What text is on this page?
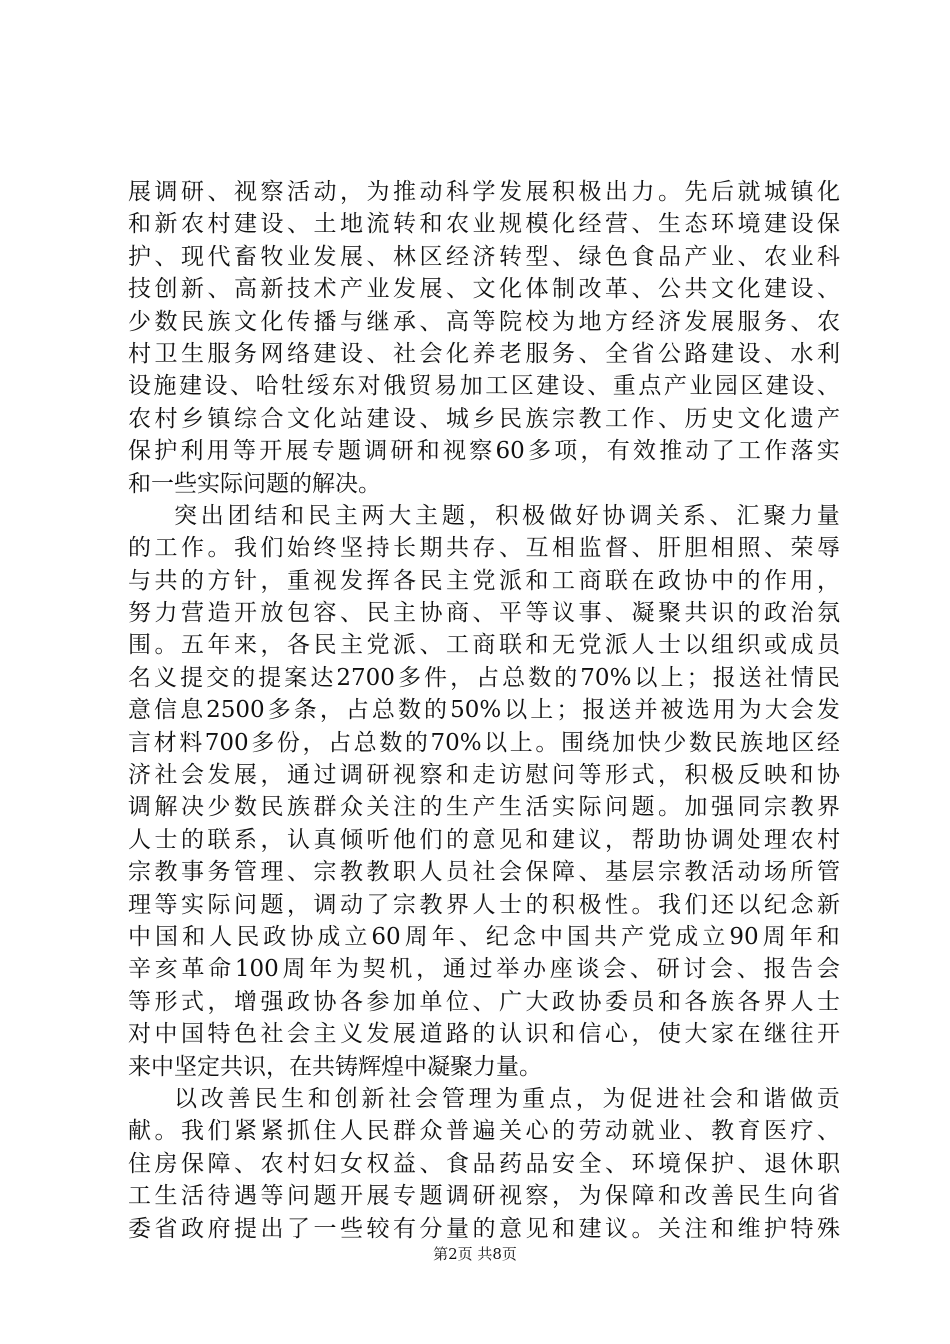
展 调 研 、 视 察 活 动 ， 为 推 动 科 学 发 展 积 极 出 力 。 先 后 就 城 镇 化
和 新 农 村 建 设 、 土 地 流 转 和 农 业 规 模 化 经 营 、 生 态 环 境 建 设 保
护 、 现 代 畜 牧 业 发 展 、 林 区 经 济 转 型 、 绿 色 食 品 产 业 、 农 业 科
技 创 新 、 高 新 技 术 产 业 发 展 、 文 化 体 制 改 革 、 公 共 文 化 建 设 、
少 数 民 族 文 化 传 播 与 继 承 、 高 等 院 校 为 地 方 经 济 发 展 服 务 、 农
村 卫 生 服 务 网 络 建 设 、 社 会 化 养 老 服 务 、 全 省 公 路 建 设 、 水 利
设 施 建 设 、 哈 牡 绥 东 对 俄 贸 易 加 工 区 建 设 、 重 点 产 业 园 区 建 设 、
农 村 乡 镇 综 合 文 化 站 建 设 、 城 乡 民 族 宗 教 工 作 、 历 史 文 化 遗 产
保 护 利 用 等 开 展 专 题 调 研 和 视 察 60 多 项 ， 有 效 推 动 了 工 作 落 实
和一些实际问题的解决。
突 出 团 结 和 民 主 两 大 主 题 ， 积 极 做 好 协 调 关 系 、 汇 聚 力 量
的 工 作 。 我 们 始 终 坚 持 长 期 共 存 、 互 相 监 督 、 肝 胆 相 照 、 荣 辱
与 共 的 方 针 ， 重 视 发 挥 各 民 主 党 派 和 工 商 联 在 政 协 中 的 作 用 ，
努 力 营 造 开 放 包 容 、 民 主 协 商 、 平 等 议 事 、 凝 聚 共 识 的 政 治 氛
围 。 五 年 来 ， 各 民 主 党 派 、 工 商 联 和 无 党 派 人 士 以 组 织 或 成 员
名 义 提 交 的 提 案 达 2700 多 件 ， 占 总 数 的 70% 以 上 ； 报 送 社 情 民
意 信 息 2500 多 条 ， 占 总 数 的 50% 以 上 ； 报 送 并 被 选 用 为 大 会 发
言 材 料 700 多 份 ， 占 总 数 的 70% 以 上 。 围 绕 加 快 少 数 民 族 地 区 经
济 社 会 发 展 ， 通 过 调 研 视 察 和 走 访 慰 问 等 形 式 ， 积 极 反 映 和 协
调 解 决 少 数 民 族 群 众 关 注 的 生 产 生 活 实 际 问 题 。 加 强 同 宗 教 界
人 士 的 联 系 ， 认 真 倾 听 他 们 的 意 见 和 建 议 ， 帮 助 协 调 处 理 农 村
宗 教 事 务 管 理 、 宗 教 教 职 人 员 社 会 保 障 、 基 层 宗 教 活 动 场 所 管
理 等 实 际 问 题 ， 调 动 了 宗 教 界 人 士 的 积 极 性 。 我 们 还 以 纪 念 新
中 国 和 人 民 政 协 成 立 60 周 年 、 纪 念 中 国 共 产 党 成 立 90 周 年 和
辛 亥 革 命 100 周 年 为 契 机 ， 通 过 举 办 座 谈 会 、 研 讨 会 、 报 告 会
等 形 式 ， 增 强 政 协 各 参 加 单 位 、 广 大 政 协 委 员 和 各 族 各 界 人 士
对 中 国 特 色 社 会 主 义 发 展 道 路 的 认 识 和 信 心 ， 使 大 家 在 继 往 开
来中坚定共识，在共铸辉煌中凝聚力量。
以 改 善 民 生 和 创 新 社 会 管 理 为 重 点 ， 为 促 进 社 会 和 谐 做 贡
献 。 我 们 紧 紧 抓 住 人 民 群 众 普 遍 关 心 的 劳 动 就 业 、 教 育 医 疗 、
住 房 保 障 、 农 村 妇 女 权 益 、 食 品 药 品 安 全 、 环 境 保 护 、 退 休 职
工 生 活 待 遇 等 问 题 开 展 专 题 调 研 视 察 ， 为 保 障 和 改 善 民 生 向 省
委 省 政 府 提 出 了 一 些 较 有 分 量 的 意 见 和 建 议 。 关 注 和 维 护 特 殊
第2页 共8页
